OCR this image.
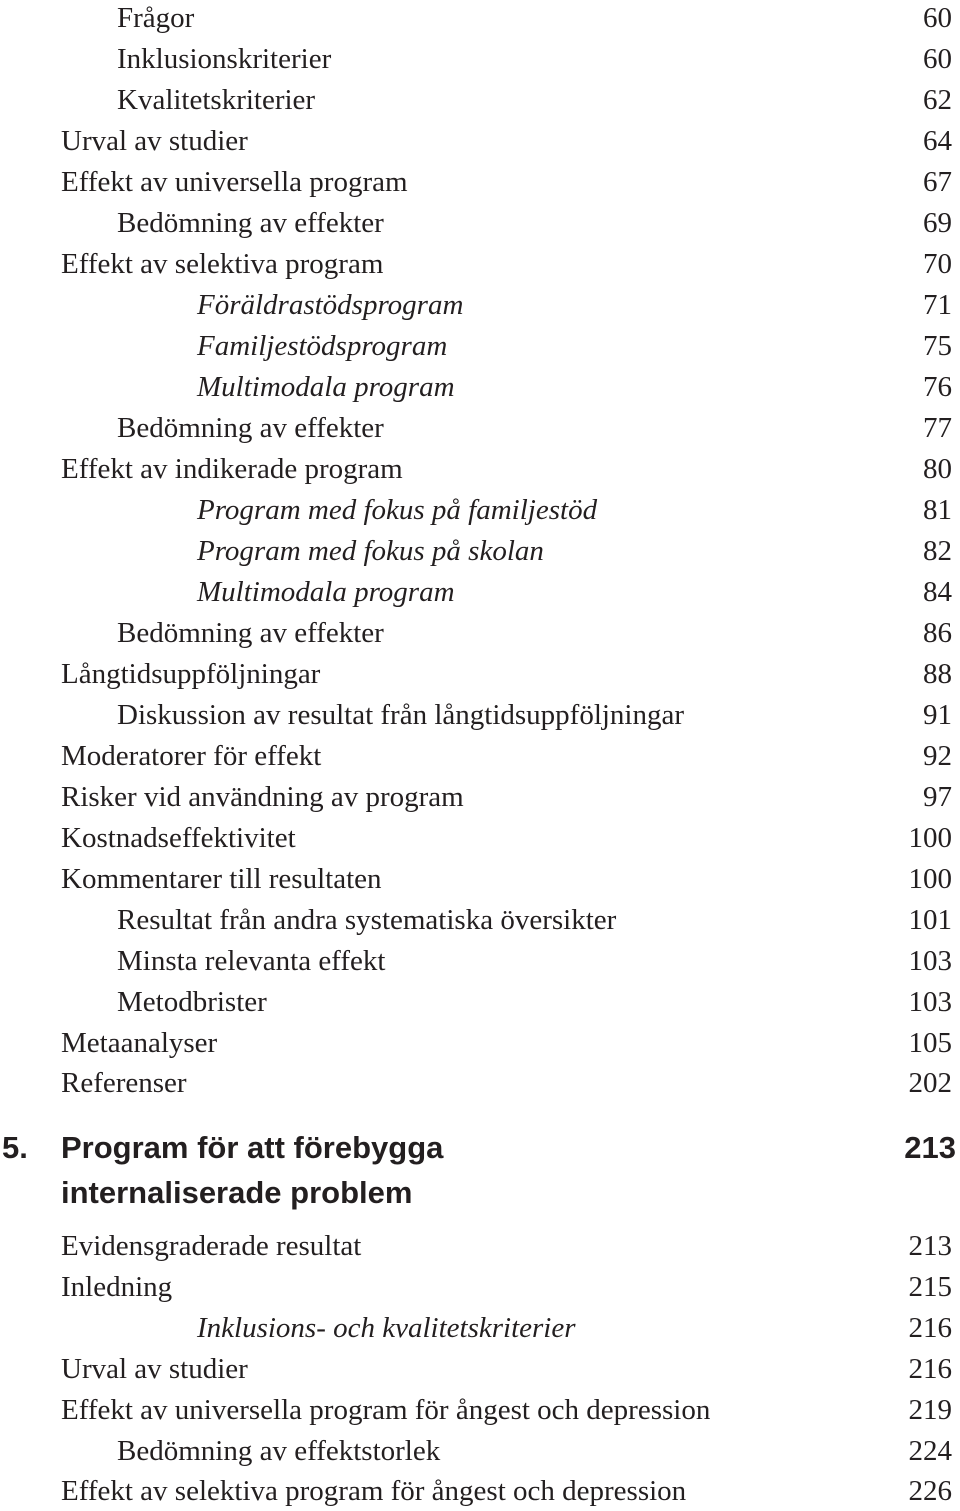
Frågor	60
Inklusionskriterier	60
Kvalitetskriterier	62
Urval av studier	64
Effekt av universella program	67
Bedömning av effekter	69
Effekt av selektiva program	70
Föräldrastödsprogram	71
Familjestödsprogram	75
Multimodala program	76
Bedömning av effekter	77
Effekt av indikerade program	80
Program med fokus på familjestöd	81
Program med fokus på skolan	82
Multimodala program	84
Bedömning av effekter	86
Långtidsuppföljningar	88
Diskussion av resultat från långtidsuppföljningar	91
Moderatorer för effekt	92
Risker vid användning av program	97
Kostnadseffektivitet	100
Kommentarer till resultaten	100
Resultat från andra systematiska översikter	101
Minsta relevanta effekt	103
Metodbrister	103
Metaanalyser	105
Referenser	202
5. Program för att förebygga	213
internaliserade problem
Evidensgraderade resultat	213
Inledning	215
Inklusions- och kvalitetskriterier	216
Urval av studier	216
Effekt av universella program för ångest och depression	219
Bedömning av effektstorlek	224
Effekt av selektiva program för ångest och depression	226
